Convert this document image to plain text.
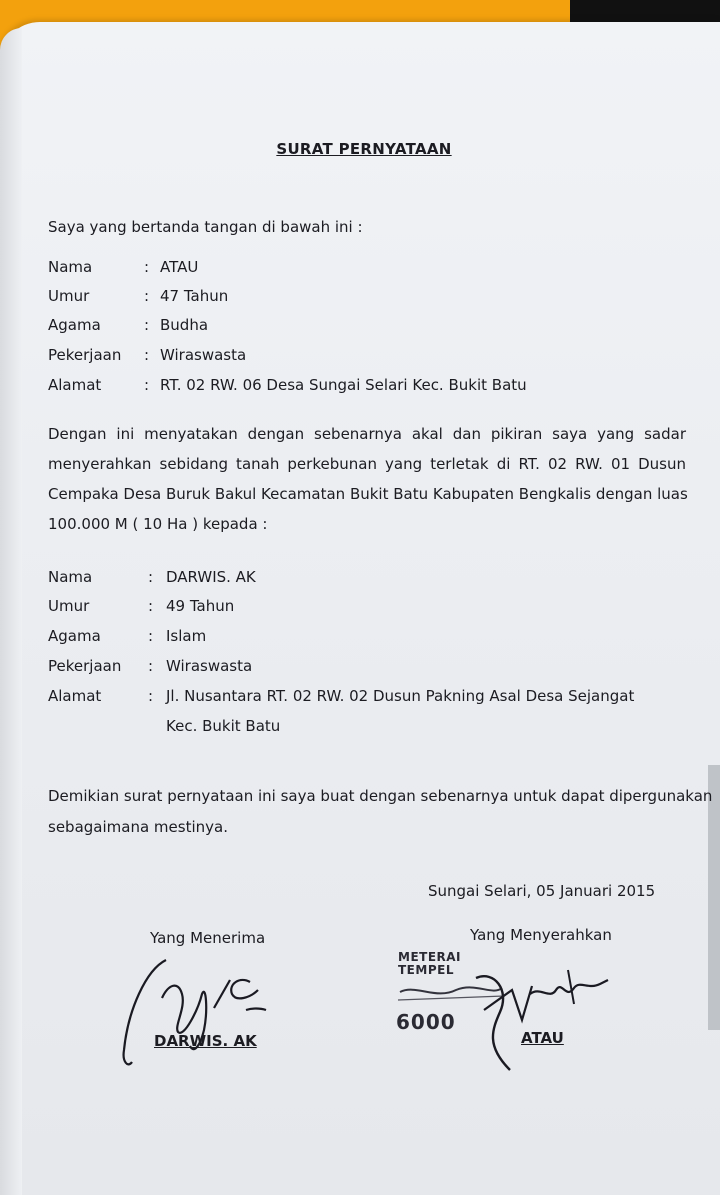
SURAT PERNYATAAN
Saya yang bertanda tangan di bawah ini :
Nama	: ATAU
Umur	: 47 Tahun
Agama	: Budha
Pekerjaan : Wiraswasta
Alamat	: RT. 02 RW. 06 Desa Sungai Selari Kec. Bukit Batu
Dengan ini menyatakan dengan sebenarnya akal dan pikiran saya yang sadar
menyerahkan sebidang tanah perkebunan yang terletak di RT. 02 RW. 01 Dusun
Cempaka Desa Buruk Bakul Kecamatan Bukit Batu Kabupaten Bengkalis dengan luas
100.000 M ( 10 Ha ) kepada :
Nama	: DARWIS. AK
Umur	: 49 Tahun
Agama	: Islam
Pekerjaan : Wiraswasta
Alamat	: Jl. Nusantara RT. 02 RW. 02 Dusun Pakning Asal Desa Sejangat
Kec. Bukit Batu
Demikian surat pernyataan ini saya buat dengan sebenarnya untuk dapat dipergunakan
sebagaimana mestinya.
Sungai Selari, 05 Januari 2015
Yang Menerima	Yang Menyerahkan
DARWIS. AK
METERAI
TEMPEL
6000
ATAU
